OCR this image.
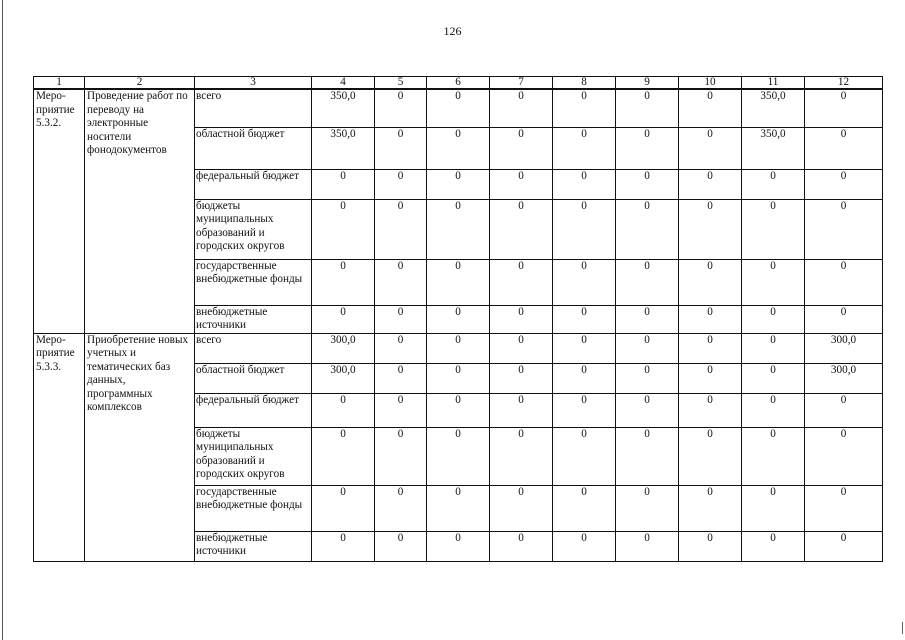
126
1	2	3	4	5	6	7	8	9	10	11	12
Меро-приятие 5.3.2.	Проведение работ по переводу на электронные носители фонодокументов	всего	350,0	0	0	0	0	0	0	350,0	0
		областной бюджет	350,0	0	0	0	0	0	0	350,0	0
		федеральный бюджет	0	0	0	0	0	0	0	0	0
		бюджеты муниципальных образований и городских округов	0	0	0	0	0	0	0	0	0
		государственные внебюджетные фонды	0	0	0	0	0	0	0	0	0
		внебюджетные источники	0	0	0	0	0	0	0	0	0
Меро-приятие 5.3.3.	Приобретение новых учетных и тематических баз данных, программных комплексов	всего	300,0	0	0	0	0	0	0	0	300,0
		областной бюджет	300,0	0	0	0	0	0	0	0	300,0
		федеральный бюджет	0	0	0	0	0	0	0	0	0
		бюджеты муниципальных образований и городских округов	0	0	0	0	0	0	0	0	0
		государственные внебюджетные фонды	0	0	0	0	0	0	0	0	0
		внебюджетные источники	0	0	0	0	0	0	0	0	0
